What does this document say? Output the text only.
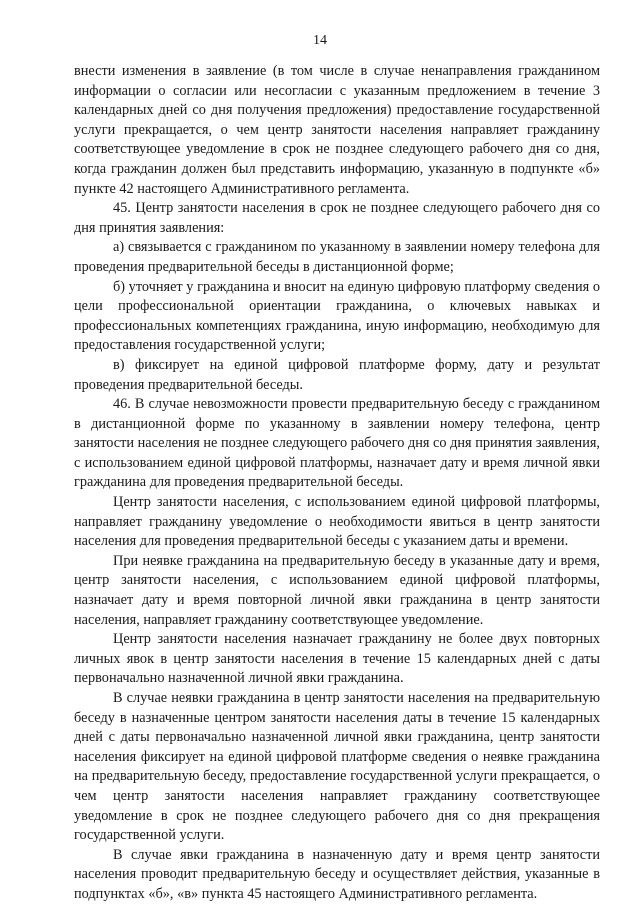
14

внести изменения в заявление (в том числе в случае ненаправления гражданином информации о согласии или несогласии с указанным предложением в течение 3 календарных дней со дня получения предложения) предоставление государственной услуги прекращается, о чем центр занятости населения направляет гражданину соответствующее уведомление в срок не позднее следующего рабочего дня со дня, когда гражданин должен был представить информацию, указанную в подпункте «б» пункте 42 настоящего Административного регламента.

45. Центр занятости населения в срок не позднее следующего рабочего дня со дня принятия заявления:

а) связывается с гражданином по указанному в заявлении номеру телефона для проведения предварительной беседы в дистанционной форме;

б) уточняет у гражданина и вносит на единую цифровую платформу сведения о цели профессиональной ориентации гражданина, о ключевых навыках и профессиональных компетенциях гражданина, иную информацию, необходимую для предоставления государственной услуги;

в) фиксирует на единой цифровой платформе форму, дату и результат проведения предварительной беседы.

46. В случае невозможности провести предварительную беседу с гражданином в дистанционной форме по указанному в заявлении номеру телефона, центр занятости населения не позднее следующего рабочего дня со дня принятия заявления, с использованием единой цифровой платформы, назначает дату и время личной явки гражданина для проведения предварительной беседы.

Центр занятости населения, с использованием единой цифровой платформы, направляет гражданину уведомление о необходимости явиться в центр занятости населения для проведения предварительной беседы с указанием даты и времени.

При неявке гражданина на предварительную беседу в указанные дату и время, центр занятости населения, с использованием единой цифровой платформы, назначает дату и время повторной личной явки гражданина в центр занятости населения, направляет гражданину соответствующее уведомление.

Центр занятости населения назначает гражданину не более двух повторных личных явок в центр занятости населения в течение 15 календарных дней с даты первоначально назначенной личной явки гражданина.

В случае неявки гражданина в центр занятости населения на предварительную беседу в назначенные центром занятости населения даты в течение 15 календарных дней с даты первоначально назначенной личной явки гражданина, центр занятости населения фиксирует на единой цифровой платформе сведения о неявке гражданина на предварительную беседу, предоставление государственной услуги прекращается, о чем центр занятости населения направляет гражданину соответствующее уведомление в срок не позднее следующего рабочего дня со дня прекращения государственной услуги.

В случае явки гражданина в назначенную дату и время центр занятости населения проводит предварительную беседу и осуществляет действия, указанные в подпунктах «б», «в» пункта 45 настоящего Административного регламента.
